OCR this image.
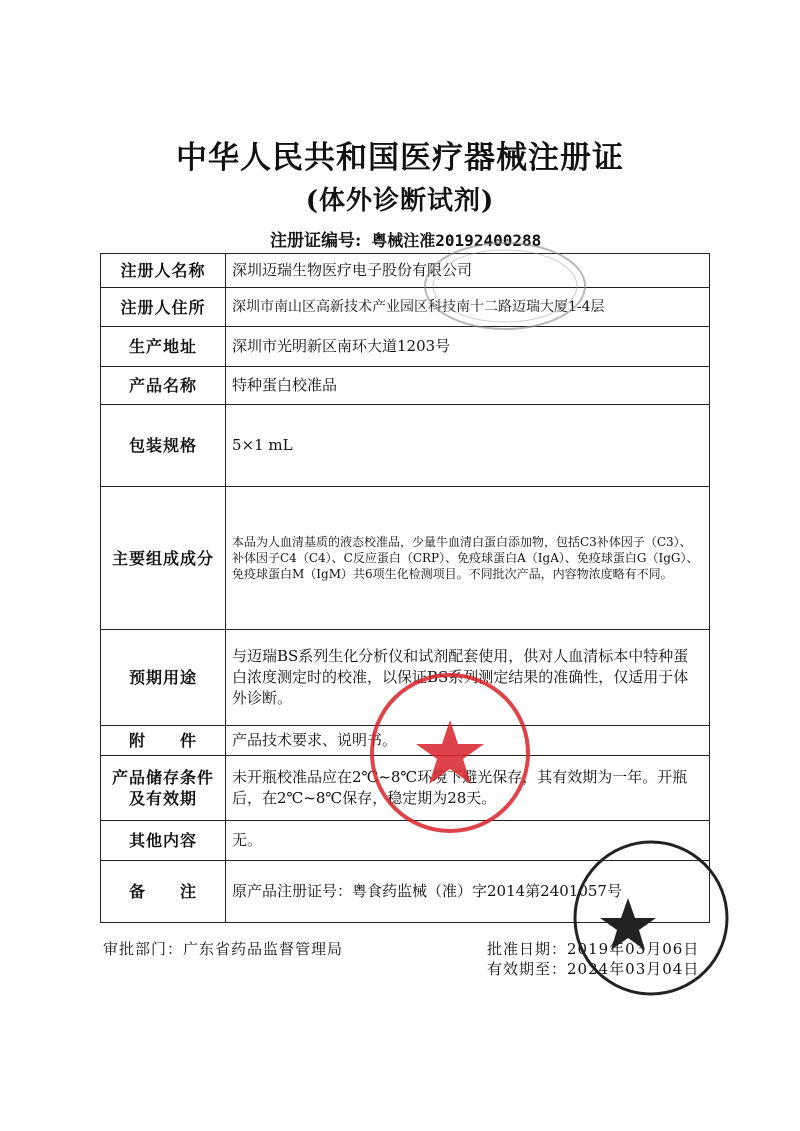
中华人民共和国医疗器械注册证
(体外诊断试剂)
注册证编号: 粤械注准20192400288
注册人名称	深圳迈瑞生物医疗电子股份有限公司
注册人住所	深圳市南山区高新技术产业园区科技南十二路迈瑞大厦1-4层
生产地址	深圳市光明新区南环大道1203号
产品名称	特种蛋白校准品
包装规格	5×1 mL
主要组成成分	本品为人血清基质的液态校准品，少量牛血清白蛋白添加物，包括C3补体因子（C3）、补体因子C4（C4）、C反应蛋白（CRP）、免疫球蛋白A（IgA）、免疫球蛋白G（IgG）、免疫球蛋白M（IgM）共6项生化检测项目。不同批次产品，内容物浓度略有不同。
预期用途	与迈瑞BS系列生化分析仪和试剂配套使用，供对人血清标本中特种蛋白浓度测定时的校准，以保证BS系列测定结果的准确性，仅适用于体外诊断。
附　　件	产品技术要求、说明书。
产品储存条件
及有效期	未开瓶校准品应在2℃~8℃环境下避光保存，其有效期为一年。开瓶后，在2℃~8℃保存，稳定期为28天。
其他内容	无。
备　　注	原产品注册证号：粤食药监械（准）字2014第2401057号
审批部门：广东省药品监督管理局	批准日期：2019年03月06日
有效期至：2024年03月04日
